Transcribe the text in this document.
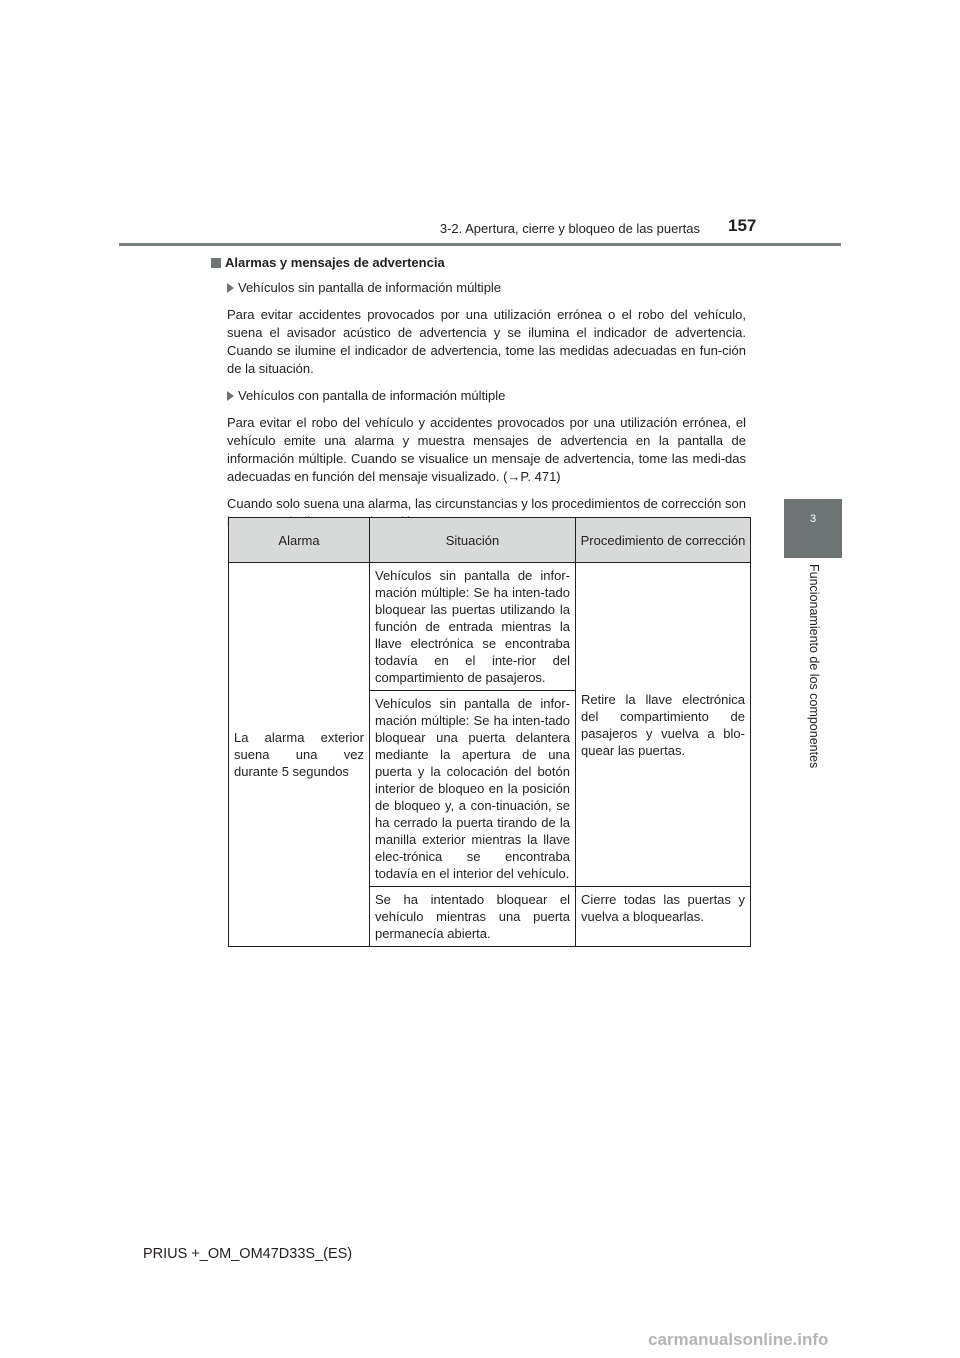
3-2. Apertura, cierre y bloqueo de las puertas 157
3
Funcionamiento de los componentes
Alarmas y mensajes de advertencia
Vehículos sin pantalla de información múltiple

Para evitar accidentes provocados por una utilización errónea o el robo del vehículo, suena el avisador acústico de advertencia y se ilumina el indicador de advertencia. Cuando se ilumine el indicador de advertencia, tome las medidas adecuadas en fun-ción de la situación.

Vehículos con pantalla de información múltiple

Para evitar el robo del vehículo y accidentes provocados por una utilización errónea, el vehículo emite una alarma y muestra mensajes de advertencia en la pantalla de información múltiple. Cuando se visualice un mensaje de advertencia, tome las medi-das adecuadas en función del mensaje visualizado. (→P. 471)

Cuando solo suena una alarma, las circunstancias y los procedimientos de corrección son

Alarma	Situación	Procedimiento de corrección
La alarma exterior suena una vez durante 5 segundos	Vehículos sin pantalla de infor-mación múltiple: Se ha inten-tado bloquear las puertas utilizando la función de entrada mientras la llave electrónica se encontraba todavía en el inte-rior del compartimiento de pasajeros.	Retire la llave electrónica del compartimiento de pasajeros y vuelva a blo-quear las puertas.
	Vehículos sin pantalla de infor-mación múltiple: Se ha inten-tado bloquear una puerta delantera mediante la apertura de una puerta y la colocación del botón interior de bloqueo en la posición de bloqueo y, a con-tinuación, se ha cerrado la puerta tirando de la manilla exterior mientras la llave elec-trónica se encontraba todavía en el interior del vehículo.	
	Se ha intentado bloquear el vehículo mientras una puerta permanecía abierta.	Cierre todas las puertas y vuelva a bloquearlas.
PRIUS +_OM_OM47D33S_(ES)
carmanualsonline.info
